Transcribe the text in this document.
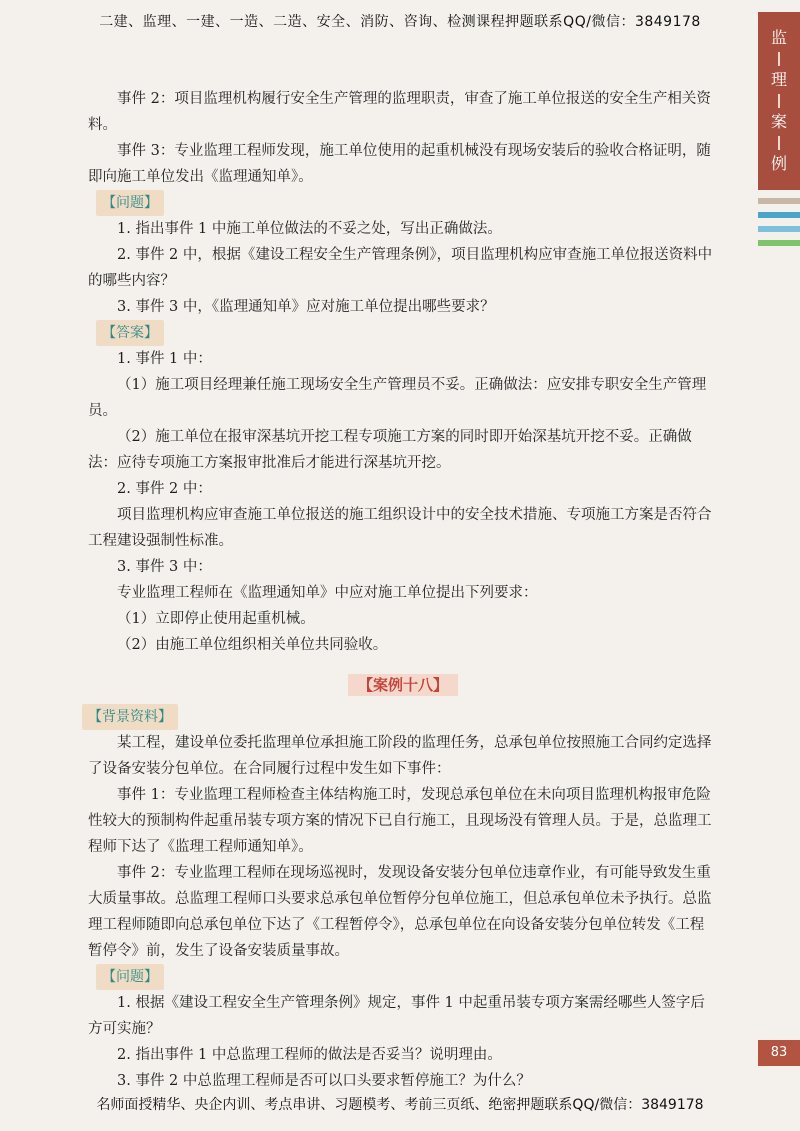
二建、监理、一建、一造、二造、安全、消防、咨询、检测课程押题联系QQ/微信：3849178
监
理
案
例

事件 2：项目监理机构履行安全生产管理的监理职责，审查了施工单位报送的安全生产相关资料。

事件 3：专业监理工程师发现，施工单位使用的起重机械没有现场安装后的验收合格证明，随即向施工单位发出《监理通知单》。

【问题】

1. 指出事件 1 中施工单位做法的不妥之处，写出正确做法。

2. 事件 2 中，根据《建设工程安全生产管理条例》，项目监理机构应审查施工单位报送资料中的哪些内容？

3. 事件 3 中，《监理通知单》应对施工单位提出哪些要求？

【答案】

1. 事件 1 中：

（1）施工项目经理兼任施工现场安全生产管理员不妥。正确做法：应安排专职安全生产管理员。

（2）施工单位在报审深基坑开挖工程专项施工方案的同时即开始深基坑开挖不妥。正确做法：应待专项施工方案报审批准后才能进行深基坑开挖。

2. 事件 2 中：

项目监理机构应审查施工单位报送的施工组织设计中的安全技术措施、专项施工方案是否符合工程建设强制性标准。

3. 事件 3 中：

专业监理工程师在《监理通知单》中应对施工单位提出下列要求：

（1）立即停止使用起重机械。

（2）由施工单位组织相关单位共同验收。

【案例十八】

【背景资料】

某工程，建设单位委托监理单位承担施工阶段的监理任务，总承包单位按照施工合同约定选择了设备安装分包单位。在合同履行过程中发生如下事件：

事件 1：专业监理工程师检查主体结构施工时，发现总承包单位在未向项目监理机构报审危险性较大的预制构件起重吊装专项方案的情况下已自行施工，且现场没有管理人员。于是，总监理工程师下达了《监理工程师通知单》。

事件 2：专业监理工程师在现场巡视时，发现设备安装分包单位违章作业，有可能导致发生重大质量事故。总监理工程师口头要求总承包单位暂停分包单位施工，但总承包单位未予执行。总监理工程师随即向总承包单位下达了《工程暂停令》，总承包单位在向设备安装分包单位转发《工程暂停令》前，发生了设备安装质量事故。

【问题】

1. 根据《建设工程安全生产管理条例》规定，事件 1 中起重吊装专项方案需经哪些人签字后方可实施？

2. 指出事件 1 中总监理工程师的做法是否妥当？说明理由。

3. 事件 2 中总监理工程师是否可以口头要求暂停施工？为什么？

83
名师面授精华、央企内训、考点串讲、习题模考、考前三页纸、绝密押题联系QQ/微信：3849178
